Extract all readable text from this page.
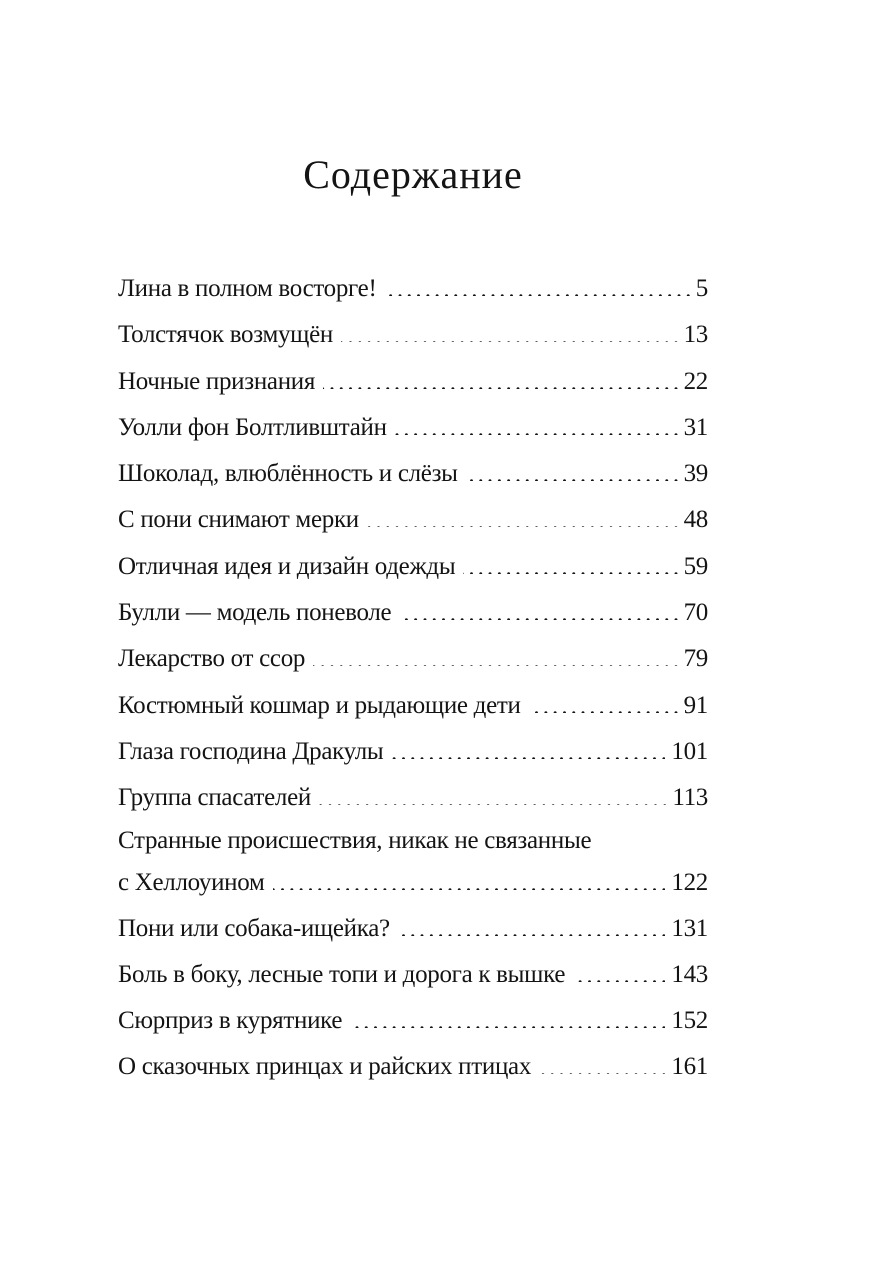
Содержание
Лина в полном восторге! . . .	5
Толстячок возмущён . . .	13
Ночные признания . . .	22
Уолли фон Болтливштайн . . .	31
Шоколад, влюблённость и слёзы . . .	39
С пони снимают мерки . . .	48
Отличная идея и дизайн одежды . . .	59
Булли — модель поневоле . . .	70
Лекарство от ссор . . .	79
Костюмный кошмар и рыдающие дети . . .	91
Глаза господина Дракулы . . .	101
Группа спасателей . . .	113
Странные происшествия, никак не связанные
с Хеллоуином . . .	122
Пони или собака-ищейка? . . .	131
Боль в боку, лесные топи и дорога к вышке . . .	143
Сюрприз в курятнике . . .	152
О сказочных принцах и райских птицах . . .	161
